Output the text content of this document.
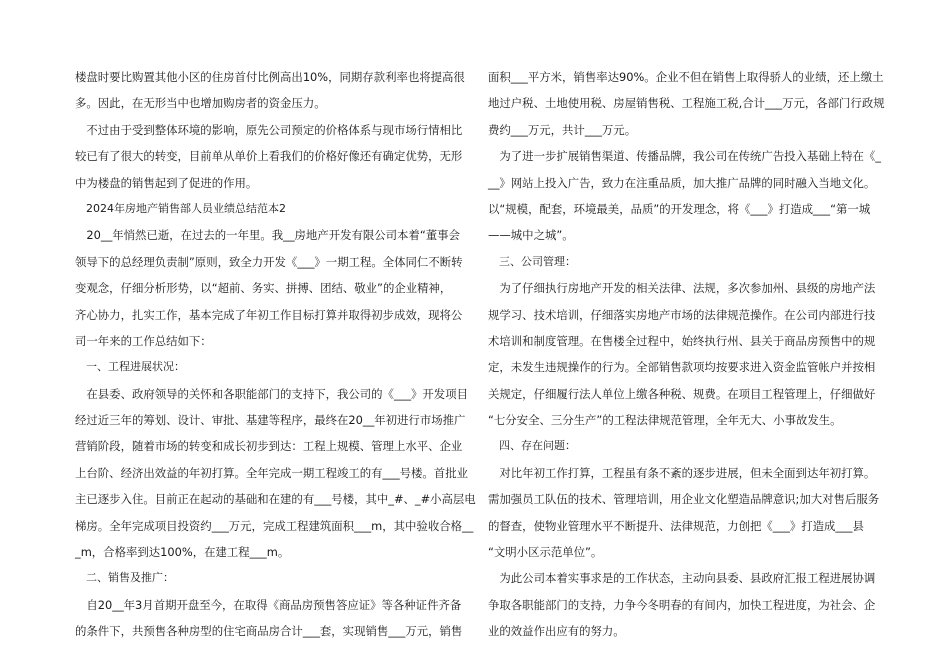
楼盘时要比购置其他小区的住房首付比例高出10%，同期存款利率也将提高很
多。因此，在无形当中也增加购房者的资金压力。
　不过由于受到整体环境的影响，原先公司预定的价格体系与现市场行情相比
较已有了很大的转变，目前单从单价上看我们的价格好像还有确定优势，无形
中为楼盘的销售起到了促进的作用。
　2024年房地产销售部人员业绩总结范本2
　20__年悄然已逝，在过去的一年里。我__房地产开发有限公司本着“董事会
领导下的总经理负责制”原则，致全力开发《___》一期工程。全体同仁不断转
变观念，仔细分析形势，以“超前、务实、拼搏、团结、敬业”的企业精神，
齐心协力，扎实工作，基本完成了年初工作目标打算并取得初步成效，现将公
司一年来的工作总结如下：
　一、工程进展状况：
　在县委、政府领导的关怀和各职能部门的支持下，我公司的《___》开发项目
经过近三年的筹划、设计、审批、基建等程序，最终在20__年初进行市场推广
营销阶段，随着市场的转变和成长初步到达：工程上规模、管理上水平、企业
上台阶、经济出效益的年初打算。全年完成一期工程竣工的有___号楼。首批业
主已逐步入住。目前正在起动的基础和在建的有___号楼，其中_#、_#小高层电
梯房。全年完成项目投资约___万元，完成工程建筑面积___m，其中验收合格__
_m，合格率到达100%，在建工程___m。
　二、销售及推广：
　自20__年3月首期开盘至今，在取得《商品房预售答应证》等各种证件齐备
的条件下，共预售各种房型的住宅商品房合计___套，实现销售___万元，销售
面积___平方米，销售率达90%。企业不但在销售上取得骄人的业绩，还上缴土
地过户税、土地使用税、房屋销售税、工程施工税,合计___万元，各部门行政规
费约___万元，共计___万元。
　为了进一步扩展销售渠道、传播品牌，我公司在传统广告投入基础上特在《_
__》网站上投入广告，致力在注重品质，加大推广品牌的同时融入当地文化。
以“规模，配套，环境最美，品质”的开发理念，将《___》打造成___“第一城
——城中之城”。
　三、公司管理：
　为了仔细执行房地产开发的相关法律、法规，多次参加州、县级的房地产法
规学习、技术培训，仔细落实房地产市场的法律规范操作。在公司内部进行技
术培训和制度管理。在售楼全过程中，始终执行州、县关于商品房预售中的规
定，未发生违规操作的行为。全部销售款项均按要求进入资金监管帐户并按相
关规定，仔细履行法人单位上缴各种税、规费。在项目工程管理上，仔细做好
“七分安全、三分生产”的工程法律规范管理，全年无大、小事故发生。
　四、存在问题：
　对比年初工作打算，工程虽有条不紊的逐步进展，但未全面到达年初打算。
需加强员工队伍的技术、管理培训，用企业文化塑造品牌意识;加大对售后服务
的督查，使物业管理水平不断提升、法律规范，力创把《___》打造成___县
“文明小区示范单位”。
　为此公司本着实事求是的工作状态，主动向县委、县政府汇报工程进展协调
争取各职能部门的支持，力争今冬明春的有间内，加快工程进度，为社会、企
业的效益作出应有的努力。
